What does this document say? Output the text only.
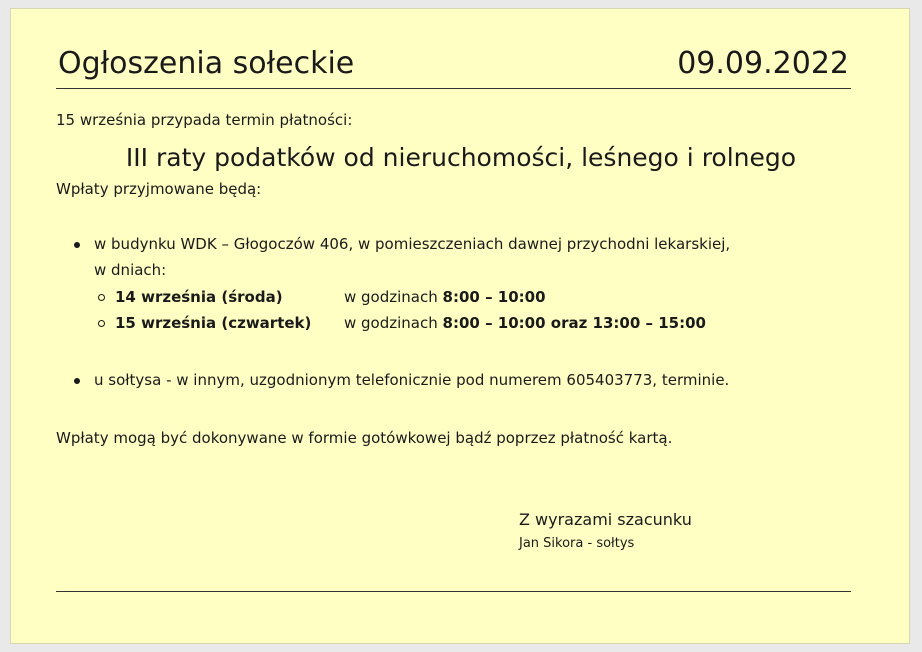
Ogłoszenia sołeckie	09.09.2022
15 września przypada termin płatności:
III raty podatków od nieruchomości, leśnego i rolnego
Wpłaty przyjmowane będą:
w budynku WDK – Głogoczów 406, w pomieszczeniach dawnej przychodni lekarskiej,
w dniach:
14 września (środa)	w godzinach 8:00 – 10:00
15 września (czwartek) w godzinach 8:00 – 10:00 oraz 13:00 – 15:00
u sołtysa - w innym, uzgodnionym telefonicznie pod numerem 605403773, terminie.
Wpłaty mogą być dokonywane w formie gotówkowej bądź poprzez płatność kartą.
Z wyrazami szacunku
Jan Sikora - sołtys
